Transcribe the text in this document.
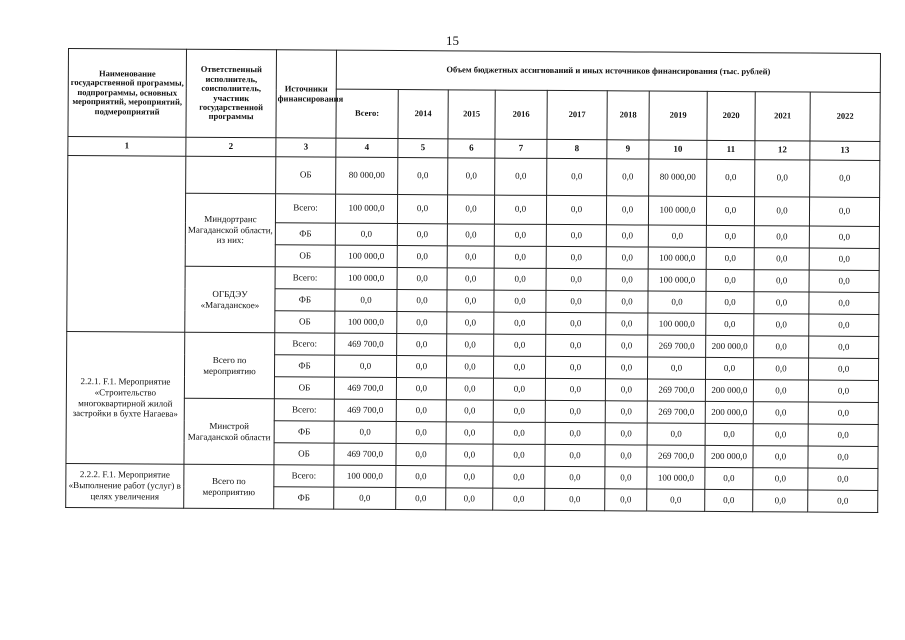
15
Наименование государственной программы, подпрограммы, основных мероприятий, мероприятий, подмероприятий	Ответственный исполнитель, соисполнитель, участник государственной программы	Источники финансирования	Объем бюджетных ассигнований и иных источников финансирования (тыс. рублей)									
			Всего:	2014	2015	2016	2017	2018	2019	2020	2021	2022
1	2	3	4	5	6	7	8	9	10	11	12	13
		ОБ	80 000,00	0,0	0,0	0,0	0,0	0,0	80 000,00	0,0	0,0	0,0
	Миндортранс Магаданской области, из них:	Всего:	100 000,0	0,0	0,0	0,0	0,0	0,0	100 000,0	0,0	0,0	0,0
		ФБ	0,0	0,0	0,0	0,0	0,0	0,0	0,0	0,0	0,0	0,0
		ОБ	100 000,0	0,0	0,0	0,0	0,0	0,0	100 000,0	0,0	0,0	0,0
	ОГБДЭУ «Магаданское»	Всего:	100 000,0	0,0	0,0	0,0	0,0	0,0	100 000,0	0,0	0,0	0,0
		ФБ	0,0	0,0	0,0	0,0	0,0	0,0	0,0	0,0	0,0	0,0
		ОБ	100 000,0	0,0	0,0	0,0	0,0	0,0	100 000,0	0,0	0,0	0,0
2.2.1. F.1. Мероприятие «Строительство многоквартирной жилой застройки в бухте Нагаева»	Всего по мероприятию	Всего:	469 700,0	0,0	0,0	0,0	0,0	0,0	269 700,0	200 000,0	0,0	0,0
		ФБ	0,0	0,0	0,0	0,0	0,0	0,0	0,0	0,0	0,0	0,0
		ОБ	469 700,0	0,0	0,0	0,0	0,0	0,0	269 700,0	200 000,0	0,0	0,0
	Минстрой Магаданской области	Всего:	469 700,0	0,0	0,0	0,0	0,0	0,0	269 700,0	200 000,0	0,0	0,0
		ФБ	0,0	0,0	0,0	0,0	0,0	0,0	0,0	0,0	0,0	0,0
		ОБ	469 700,0	0,0	0,0	0,0	0,0	0,0	269 700,0	200 000,0	0,0	0,0
2.2.2. F.1. Мероприятие «Выполнение работ (услуг) в целях увеличения	Всего по мероприятию	Всего:	100 000,0	0,0	0,0	0,0	0,0	0,0	100 000,0	0,0	0,0	0,0
		ФБ	0,0	0,0	0,0	0,0	0,0	0,0	0,0	0,0	0,0	0,0
